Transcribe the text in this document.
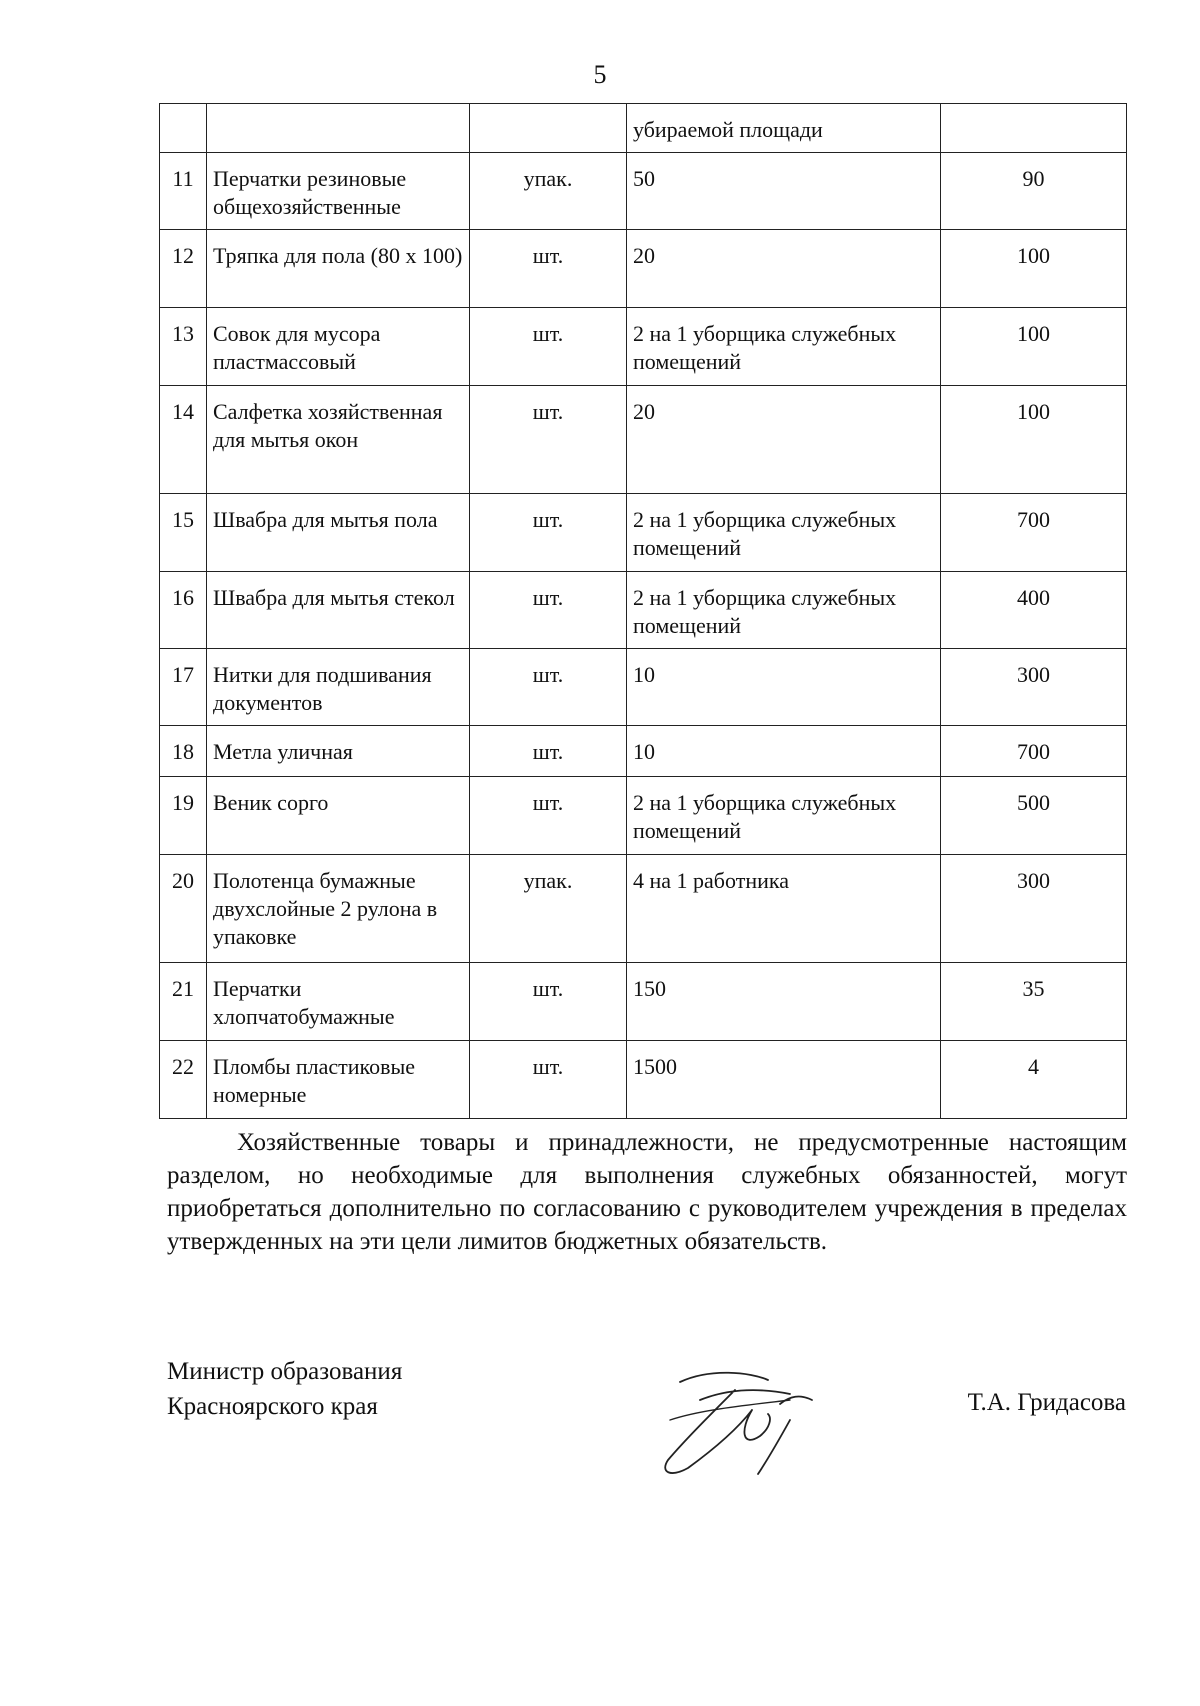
5
			убираемой площади	
11	Перчатки резиновые общехозяйственные	упак.	50	90
12	Тряпка для пола (80 х 100)	шт.	20	100
13	Совок для мусора пластмассовый	шт.	2 на 1 уборщика служебных помещений	100
14	Салфетка хозяйственная для мытья окон	шт.	20	100
15	Швабра для мытья пола	шт.	2 на 1 уборщика служебных помещений	700
16	Швабра для мытья стекол	шт.	2 на 1 уборщика служебных помещений	400
17	Нитки для подшивания документов	шт.	10	300
18	Метла уличная	шт.	10	700
19	Веник сорго	шт.	2 на 1 уборщика служебных помещений	500
20	Полотенца бумажные двухслойные 2 рулона в упаковке	упак.	4 на 1 работника	300
21	Перчатки хлопчатобумажные	шт.	150	35
22	Пломбы пластиковые номерные	шт.	1500	4

Хозяйственные товары и принадлежности, не предусмотренные настоящим разделом, но необходимые для выполнения служебных обязанностей, могут приобретаться дополнительно по согласованию с руководителем учреждения в пределах утвержденных на эти цели лимитов бюджетных обязательств.

Министр образования
Красноярского края	Т.А. Гридасова
